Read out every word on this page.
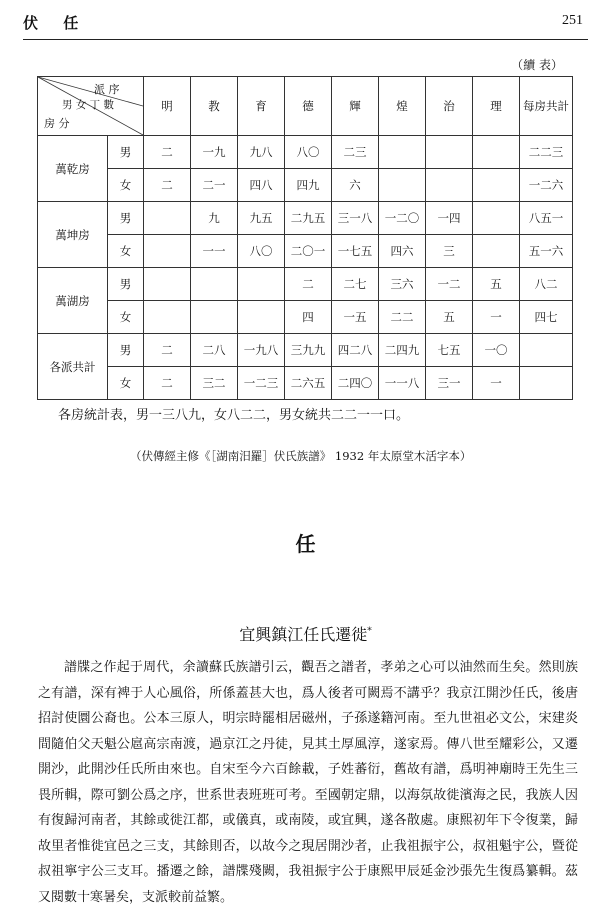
伏 任	251
（續 表）
派 序
男 女 丁 數
房 分		明	教	育	德	輝	煌	治	理	每房共計
萬乾房	男	二	一九	九八	八〇	二三				二二三
	女	二	二一	四八	四九	六				一二六
萬坤房	男		九	九五	二九五	三一八	一二〇	一四		八五一
	女		一一	八〇	二〇一	一七五	四六	三		五一六
萬湖房	男				二	二七	三六	一二	五	八二
	女				四	一五	二二	五	一	四七
各派共計	男	二	二八	一九八	三九九	四二八	二四九	七五	一〇	
	女	二	三二	一二三	二六五	二四〇	一一八	三一	一	
各房統計表，男一三八九，女八二二，男女統共二二一一口。
（伏傳經主修《［湖南汨羅］伏氏族譜》 1932 年太原堂木活字本）
任
宜興鎮江任氏遷徙*

譜牒之作起于周代，余讀蘇氏族譜引云，觀吾之譜者，孝弟之心可以油然而生矣。然則族之有譜，深有裨于人心風俗，所係蓋甚大也，爲人後者可闕焉不講乎？我京江開沙任氏，後唐招討使圜公裔也。公本三原人，明宗時罷相居磁州，子孫遂籍河南。至九世祖必文公，宋建炎間隨伯父天魁公扈高宗南渡，過京江之丹徒，見其土厚風淳，遂家焉。傳八世至耀彩公，又遷開沙，此開沙任氏所由來也。自宋至今六百餘載，子姓蕃衍，舊故有譜，爲明神廟時王先生三畏所輯，際可劉公爲之序，世系世表班班可考。至國朝定鼎，以海氛故徙濱海之民，我族人因有復歸河南者，其餘或徙江都，或儀真，或南陵，或宜興，遂各散處。康熙初年下令復業，歸故里者惟徙宜邑之三支，其餘則否，以故今之現居開沙者，止我祖振宇公，叔祖魁宇公，暨從叔祖寧宇公三支耳。播遷之餘，譜牒殘闕，我祖振宇公于康熙甲辰延金沙張先生復爲纂輯。茲又閱數十寒暑矣，支派較前益繁。
